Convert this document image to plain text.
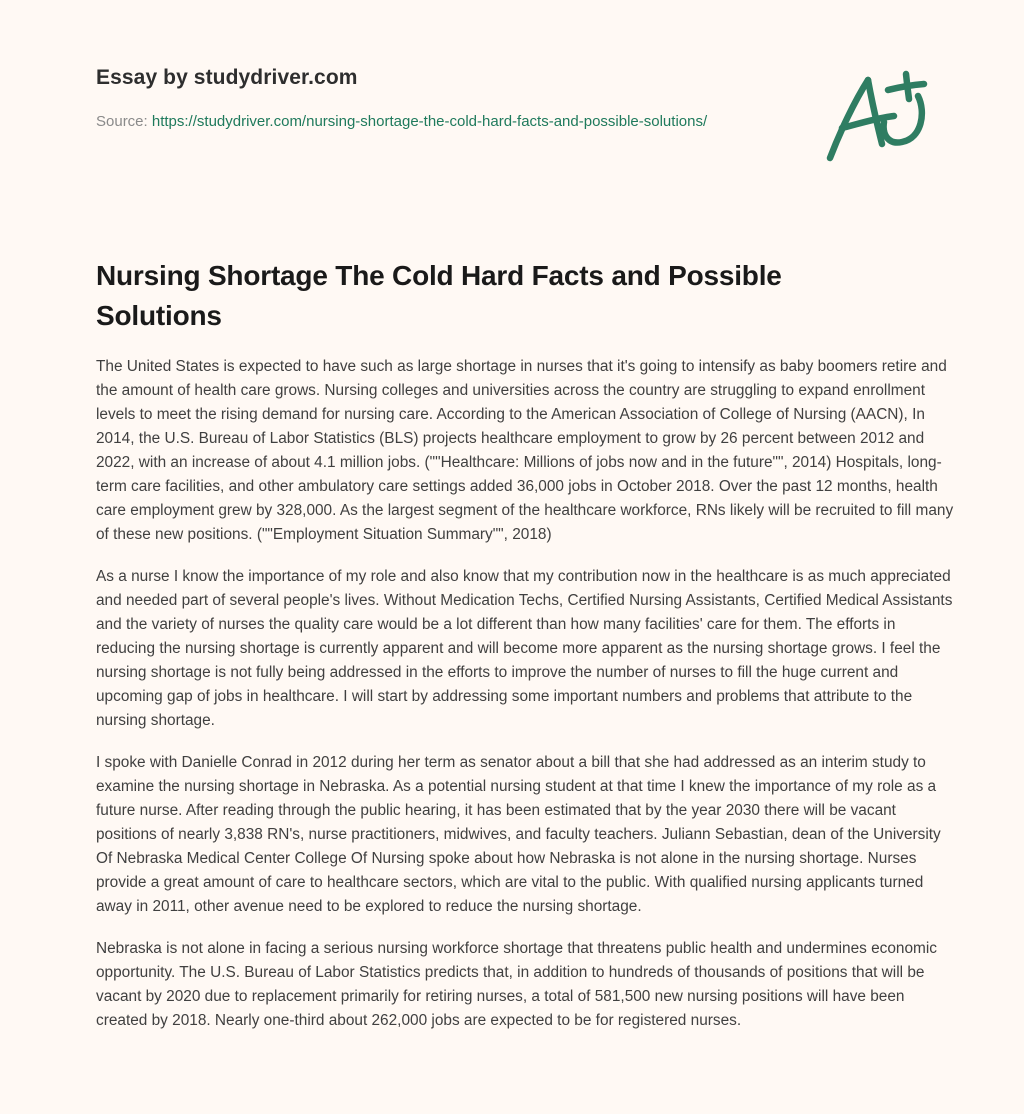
Essay by studydriver.com
Source: https://studydriver.com/nursing-shortage-the-cold-hard-facts-and-possible-solutions/
Nursing Shortage The Cold Hard Facts and Possible Solutions

The United States is expected to have such as large shortage in nurses that it's going to intensify as baby boomers retire and the amount of health care grows. Nursing colleges and universities across the country are struggling to expand enrollment levels to meet the rising demand for nursing care. According to the American Association of College of Nursing (AACN), In 2014, the U.S. Bureau of Labor Statistics (BLS) projects healthcare employment to grow by 26 percent between 2012 and 2022, with an increase of about 4.1 million jobs. (""Healthcare: Millions of jobs now and in the future"", 2014) Hospitals, long-term care facilities, and other ambulatory care settings added 36,000 jobs in October 2018. Over the past 12 months, health care employment grew by 328,000. As the largest segment of the healthcare workforce, RNs likely will be recruited to fill many of these new positions. (""Employment Situation Summary"", 2018)

As a nurse I know the importance of my role and also know that my contribution now in the healthcare is as much appreciated and needed part of several people's lives. Without Medication Techs, Certified Nursing Assistants, Certified Medical Assistants and the variety of nurses the quality care would be a lot different than how many facilities' care for them. The efforts in reducing the nursing shortage is currently apparent and will become more apparent as the nursing shortage grows. I feel the nursing shortage is not fully being addressed in the efforts to improve the number of nurses to fill the huge current and upcoming gap of jobs in healthcare. I will start by addressing some important numbers and problems that attribute to the nursing shortage.

I spoke with Danielle Conrad in 2012 during her term as senator about a bill that she had addressed as an interim study to examine the nursing shortage in Nebraska. As a potential nursing student at that time I knew the importance of my role as a future nurse. After reading through the public hearing, it has been estimated that by the year 2030 there will be vacant positions of nearly 3,838 RN's, nurse practitioners, midwives, and faculty teachers. Juliann Sebastian, dean of the University Of Nebraska Medical Center College Of Nursing spoke about how Nebraska is not alone in the nursing shortage. Nurses provide a great amount of care to healthcare sectors, which are vital to the public. With qualified nursing applicants turned away in 2011, other avenue need to be explored to reduce the nursing shortage.

Nebraska is not alone in facing a serious nursing workforce shortage that threatens public health and undermines economic opportunity. The U.S. Bureau of Labor Statistics predicts that, in addition to hundreds of thousands of positions that will be vacant by 2020 due to replacement primarily for retiring nurses, a total of 581,500 new nursing positions will have been created by 2018. Nearly one-third about 262,000 jobs are expected to be for registered nurses.
